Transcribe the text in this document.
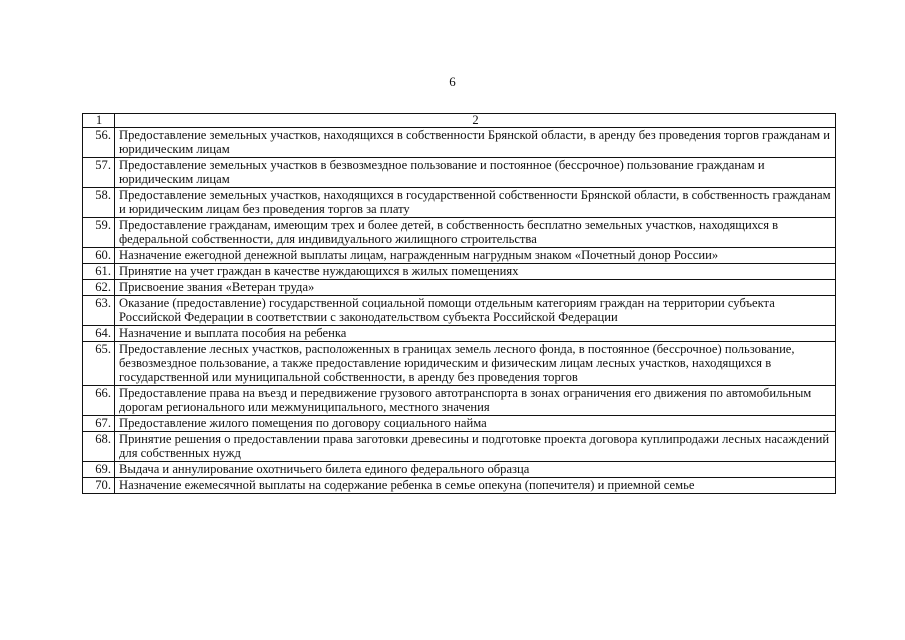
6
1	2
56.	Предоставление земельных участков, находящихся в собственности Брянской области, в аренду без проведения торгов гражданам и юридическим лицам
57.	Предоставление земельных участков в безвозмездное пользование и постоянное (бессрочное) пользование гражданам и юридическим лицам
58.	Предоставление земельных участков, находящихся в государственной собственности Брянской области, в собственность гражданам и юридическим лицам без проведения торгов за плату
59.	Предоставление гражданам, имеющим трех и более детей, в собственность бесплатно земельных участков, находящихся в федеральной собственности, для индивидуального жилищного строительства
60.	Назначение ежегодной денежной выплаты лицам, награжденным нагрудным знаком «Почетный донор России»
61.	Принятие на учет граждан в качестве нуждающихся в жилых помещениях
62.	Присвоение звания «Ветеран труда»
63.	Оказание (предоставление) государственной социальной помощи отдельным категориям граждан на территории субъекта Российской Федерации в соответствии с законодательством субъекта Российской Федерации
64.	Назначение и выплата пособия на ребенка
65.	Предоставление лесных участков, расположенных в границах земель лесного фонда, в постоянное (бессрочное) пользование, безвозмездное пользование, а также предоставление юридическим и физическим лицам лесных участков, находящихся в государственной или муниципальной собственности, в аренду без проведения торгов
66.	Предоставление права на въезд и передвижение грузового автотранспорта в зонах ограничения его движения по автомобильным дорогам регионального или межмуниципального, местного значения
67.	Предоставление жилого помещения по договору социального найма
68.	Принятие решения о предоставлении права заготовки древесины и подготовке проекта договора куплипродажи лесных насаждений для собственных нужд
69.	Выдача и аннулирование охотничьего билета единого федерального образца
70.	Назначение ежемесячной выплаты на содержание ребенка в семье опекуна (попечителя) и приемной семье
